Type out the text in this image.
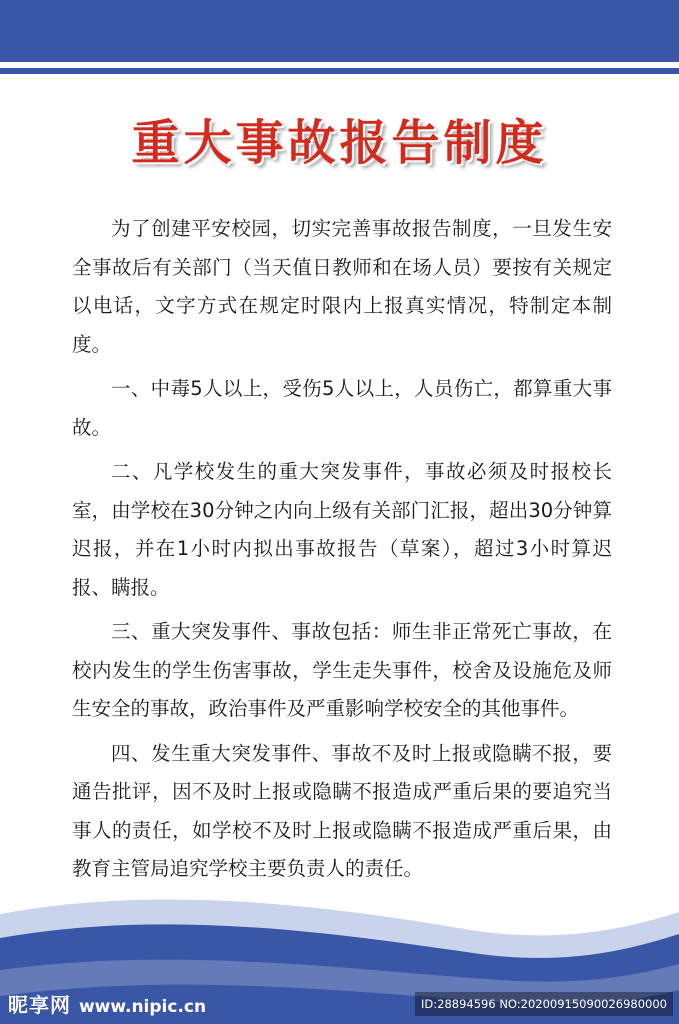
重大事故报告制度

为了创建平安校园，切实完善事故报告制度，一旦发生安全事故后有关部门（当天值日教师和在场人员）要按有关规定以电话，文字方式在规定时限内上报真实情况，特制定本制度。

一、中毒5人以上，受伤5人以上，人员伤亡，都算重大事故。

二、凡学校发生的重大突发事件，事故必须及时报校长室，由学校在30分钟之内向上级有关部门汇报，超出30分钟算迟报，并在1小时内拟出事故报告（草案），超过3小时算迟报、瞒报。

三、重大突发事件、事故包括：师生非正常死亡事故，在校内发生的学生伤害事故，学生走失事件，校舍及设施危及师生安全的事故，政治事件及严重影响学校安全的其他事件。

四、发生重大突发事件、事故不及时上报或隐瞒不报，要通告批评，因不及时上报或隐瞒不报造成严重后果的要追究当事人的责任，如学校不及时上报或隐瞒不报造成严重后果，由教育主管局追究学校主要负责人的责任。

昵享网 www.nipic.cn	ID:28894596 NO:20200915090026980000
